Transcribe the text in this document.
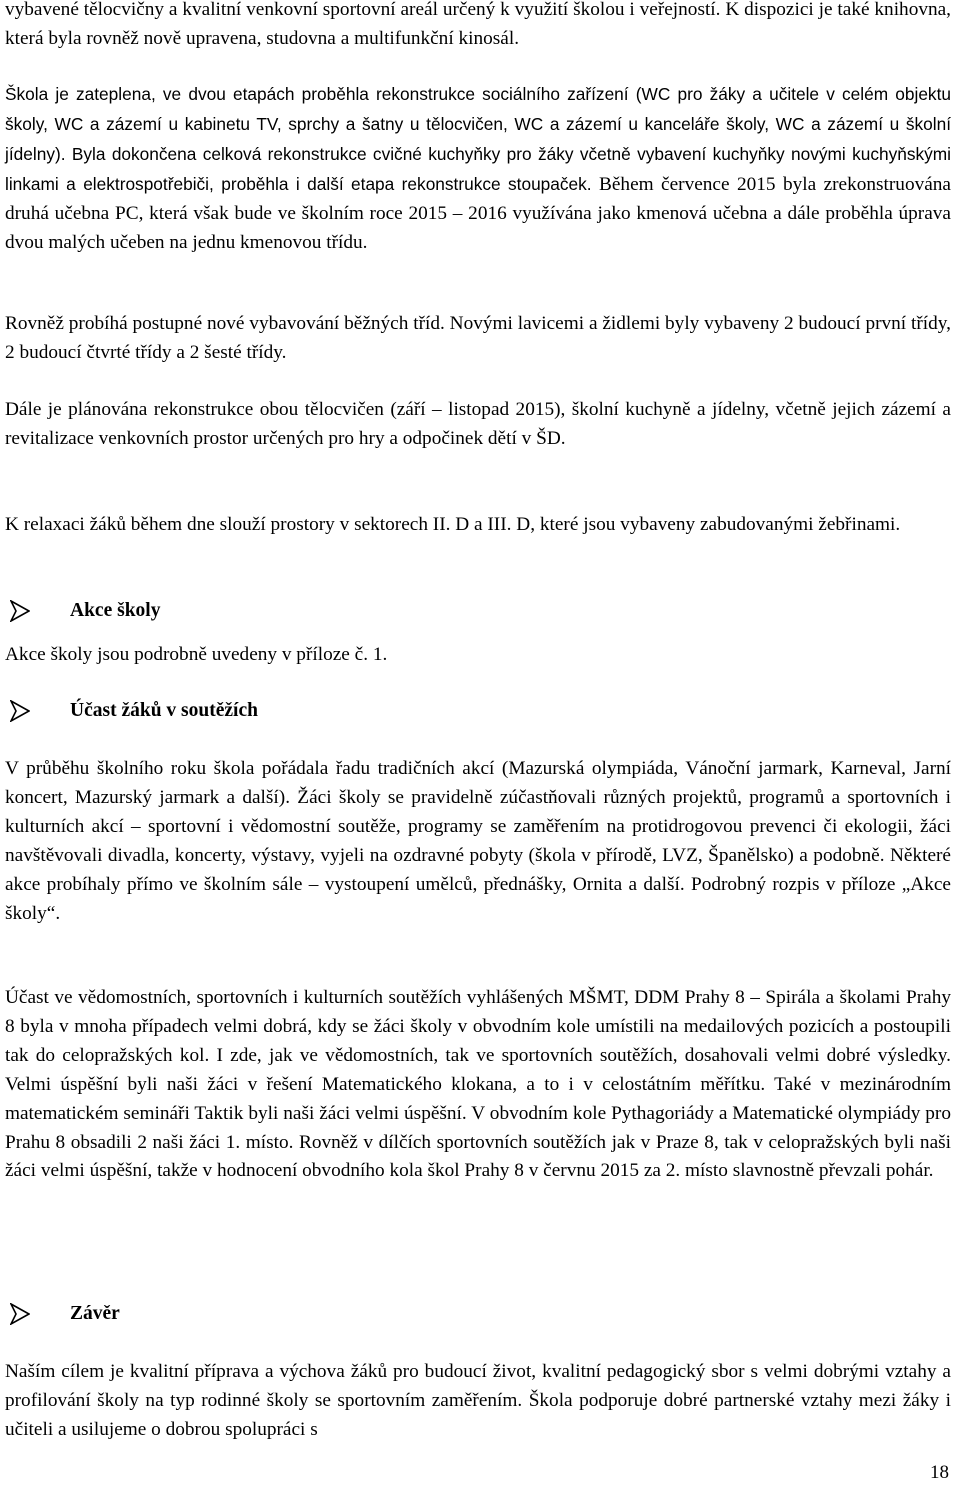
vybavené tělocvičny a kvalitní venkovní sportovní areál určený k využití školou i veřejností. K dispozici je také knihovna, která byla rovněž nově upravena, studovna a multifunkční kinosál.

Škola je zateplena, ve dvou etapách proběhla rekonstrukce sociálního zařízení (WC pro žáky a učitele v celém objektu školy, WC a zázemí u kabinetu TV, sprchy a šatny u tělocvičen, WC a zázemí u kanceláře školy, WC a zázemí u školní jídelny). Byla dokončena celková rekonstrukce cvičné kuchyňky pro žáky včetně vybavení kuchyňky novými kuchyňskými linkami a elektrospotřebiči, proběhla i další etapa rekonstrukce stoupaček. Během července 2015 byla zrekonstruována druhá učebna PC, která však bude ve školním roce 2015 – 2016 využívána jako kmenová učebna a dále proběhla úprava dvou malých učeben na jednu kmenovou třídu.

Rovněž probíhá postupné nové vybavování běžných tříd. Novými lavicemi a židlemi byly vybaveny 2 budoucí první třídy, 2 budoucí čtvrté třídy a 2 šesté třídy.

Dále je plánována rekonstrukce obou tělocvičen (září – listopad 2015), školní kuchyně a jídelny, včetně jejich zázemí a revitalizace venkovních prostor určených pro hry a odpočinek dětí v ŠD.

K relaxaci žáků během dne slouží prostory v sektorech II. D a III. D, které jsou vybaveny zabudovanými žebřinami.

Akce školy

Akce školy jsou podrobně uvedeny v příloze č. 1.

Účast žáků v soutěžích

V průběhu školního roku škola pořádala řadu tradičních akcí (Mazurská olympiáda, Vánoční jarmark, Karneval, Jarní koncert, Mazurský jarmark a další). Žáci školy se pravidelně zúčastňovali různých projektů, programů a sportovních i kulturních akcí – sportovní i vědomostní soutěže, programy se zaměřením na protidrogovou prevenci či ekologii, žáci navštěvovali divadla, koncerty, výstavy, vyjeli na ozdravné pobyty (škola v přírodě, LVZ, Španělsko) a podobně. Některé akce probíhaly přímo ve školním sále – vystoupení umělců, přednášky, Ornita a další. Podrobný rozpis v příloze „Akce školy“.

Účast ve vědomostních, sportovních i kulturních soutěžích vyhlášených MŠMT, DDM Prahy 8 – Spirála a školami Prahy 8 byla v mnoha případech velmi dobrá, kdy se žáci školy v obvodním kole umístili na medailových pozicích a postoupili tak do celopražských kol. I zde, jak ve vědomostních, tak ve sportovních soutěžích, dosahovali velmi dobré výsledky. Velmi úspěšní byli naši žáci v řešení Matematického klokana, a to i v celostátním měřítku. Také v mezinárodním matematickém semináři Taktik byli naši žáci velmi úspěšní. V obvodním kole Pythagoriády a Matematické olympiády pro Prahu 8 obsadili 2 naši žáci 1. místo. Rovněž v dílčích sportovních soutěžích jak v Praze 8, tak v celopražských byli naši žáci velmi úspěšní, takže v hodnocení obvodního kola škol Prahy 8 v červnu 2015 za 2. místo slavnostně převzali pohár.

Závěr

Naším cílem je kvalitní příprava a výchova žáků pro budoucí život, kvalitní pedagogický sbor s velmi dobrými vztahy a profilování školy na typ rodinné školy se sportovním zaměřením. Škola podporuje dobré partnerské vztahy mezi žáky i učiteli a usilujeme o dobrou spolupráci s

18
